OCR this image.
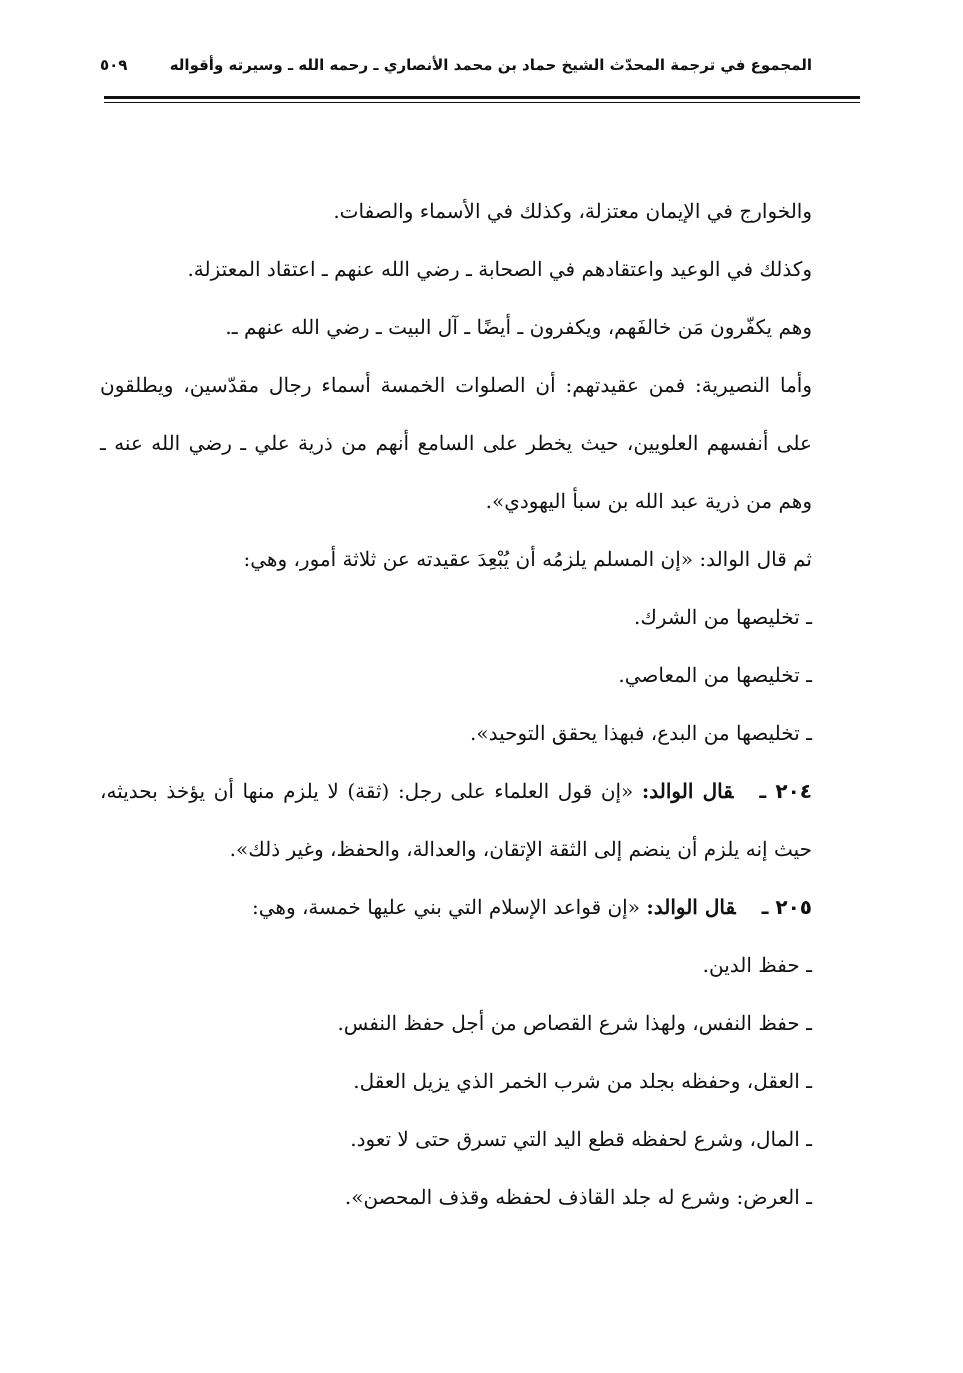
المجموع في ترجمة المحدّث الشيخ حماد بن محمد الأنصاري ـ رحمه الله ـ وسيرته وأقواله
٥٠٩

والخوارج في الإيمان معتزلة، وكذلك في الأسماء والصفات.

وكذلك في الوعيد واعتقادهم في الصحابة ـ رضي الله عنهم ـ اعتقاد المعتزلة.

وهم يكفّرون مَن خالفَهم، ويكفرون ـ أيضًا ـ آل البيت ـ رضي الله عنهم ـ.

وأما النصيرية: فمن عقيدتهم: أن الصلوات الخمسة أسماء رجال مقدّسين، ويطلقون على أنفسهم العلويين، حيث يخطر على السامع أنهم من ذرية علي ـ رضي الله عنه ـ وهم من ذرية عبد الله بن سبأ اليهودي».

ثم قال الوالد: «إن المسلم يلزمُه أن يُبْعِدَ عقيدته عن ثلاثة أمور، وهي:

ـ تخليصها من الشرك.

ـ تخليصها من المعاصي.

ـ تخليصها من البدع، فبهذا يحقق التوحيد».

٢٠٤ ـقال الوالد: «إن قول العلماء على رجل: (ثقة) لا يلزم منها أن يؤخذ بحديثه، حيث إنه يلزم أن ينضم إلى الثقة الإتقان، والعدالة، والحفظ، وغير ذلك».

٢٠٥ ـقال الوالد: «إن قواعد الإسلام التي بني عليها خمسة، وهي:

ـ حفظ الدين.

ـ حفظ النفس، ولهذا شرع القصاص من أجل حفظ النفس.

ـ العقل، وحفظه بجلد من شرب الخمر الذي يزيل العقل.

ـ المال، وشرع لحفظه قطع اليد التي تسرق حتى لا تعود.

ـ العرض: وشرع له جلد القاذف لحفظه وقذف المحصن».
